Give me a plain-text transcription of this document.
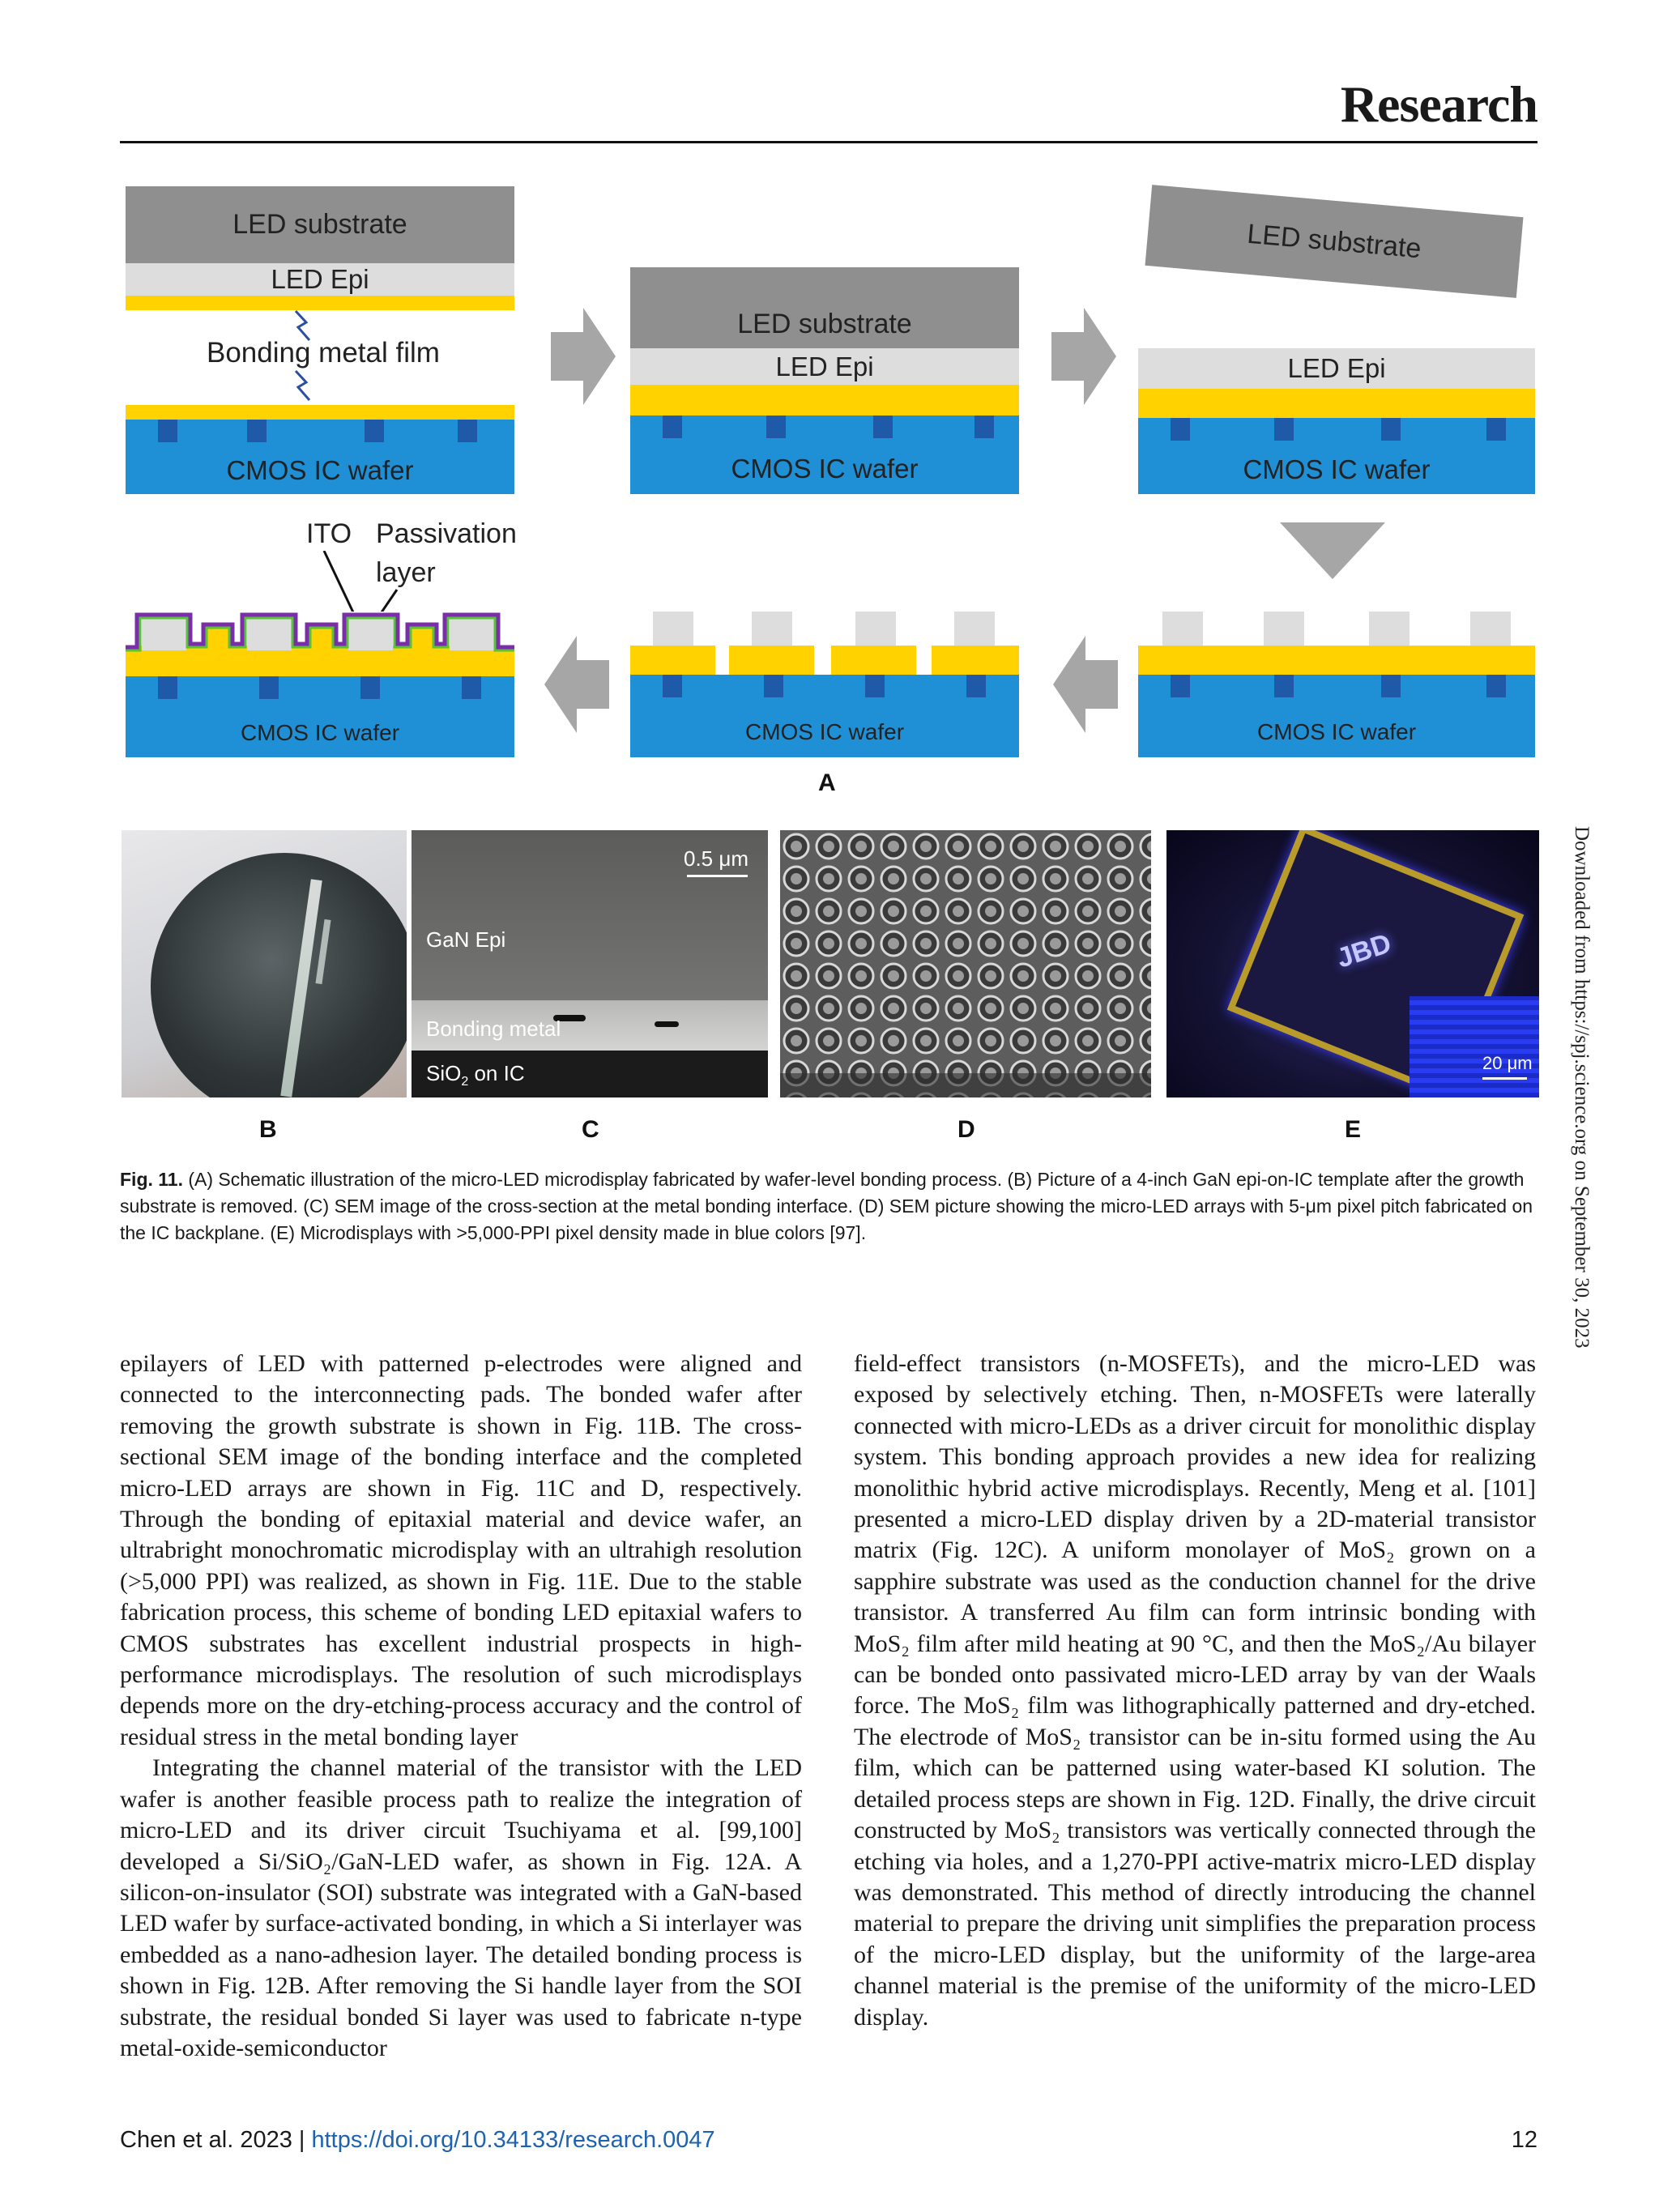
Research
LED substrate
LED Epi
Bonding metal film
CMOS IC wafer
LED substrate
LED Epi
CMOS IC wafer
LED substrate
LED Epi
CMOS IC wafer
CMOS IC wafer
CMOS IC wafer
ITO Passivation
layer
CMOS IC wafer
A
0.5 μm
GaN Epi
Bonding metal
SiO$_2$ on IC
JBD
20 μm
B	C	D	E
Fig. 11. (A) Schematic illustration of the micro-LED microdisplay fabricated by wafer-level bonding process. (B) Picture of a 4-inch GaN epi-on-IC template after the growth substrate is removed. (C) SEM image of the cross-section at the metal bonding interface. (D) SEM picture showing the micro-LED arrays with 5-μm pixel pitch fabricated on the IC backplane. (E) Microdisplays with >5,000-PPI pixel density made in blue colors [97].

epilayers of LED with patterned p-electrodes were aligned and connected to the interconnecting pads. The bonded wafer after removing the growth substrate is shown in Fig. 11B. The cross-sectional SEM image of the bonding interface and the completed micro-LED arrays are shown in Fig. 11C and D, respectively. Through the bonding of epitaxial material and device wafer, an ultrabright monochromatic microdisplay with an ultrahigh resolution (>5,000 PPI) was realized, as shown in Fig. 11E. Due to the stable fabrication process, this scheme of bonding LED epitaxial wafers to CMOS substrates has excellent industrial prospects in high-performance microdisplays. The resolution of such microdisplays depends more on the dry-etching-process accuracy and the control of residual stress in the metal bonding layer

Integrating the channel material of the transistor with the LED wafer is another feasible process path to realize the integration of micro-LED and its driver circuit Tsuchiyama et al. [99,100] developed a Si/SiO₂/GaN-LED wafer, as shown in Fig. 12A. A silicon-on-insulator (SOI) substrate was integrated with a GaN-based LED wafer by surface-activated bonding, in which a Si interlayer was embedded as a nano-adhesion layer. The detailed bonding process is shown in Fig. 12B. After removing the Si handle layer from the SOI substrate, the residual bonded Si layer was used to fabricate n-type metal-oxide-semiconductor

field-effect transistors (n-MOSFETs), and the micro-LED was exposed by selectively etching. Then, n-MOSFETs were laterally connected with micro-LEDs as a driver circuit for monolithic display system. This bonding approach provides a new idea for realizing monolithic hybrid active microdisplays. Recently, Meng et al. [101] presented a micro-LED display driven by a 2D-material transistor matrix (Fig. 12C). A uniform monolayer of MoS₂ grown on a sapphire substrate was used as the conduction channel for the drive transistor. A transferred Au film can form intrinsic bonding with MoS₂ film after mild heating at 90 °C, and then the MoS₂/Au bilayer can be bonded onto passivated micro-LED array by van der Waals force. The MoS₂ film was lithographically patterned and dry-etched. The electrode of MoS₂ transistor can be in-situ formed using the Au film, which can be patterned using water-based KI solution. The detailed process steps are shown in Fig. 12D. Finally, the drive circuit constructed by MoS₂ transistors was vertically connected through the etching via holes, and a 1,270-PPI active-matrix micro-LED display was demonstrated. This method of directly introducing the channel material to prepare the driving unit simplifies the preparation process of the micro-LED display, but the uniformity of the large-area channel material is the premise of the uniformity of the micro-LED display.

Downloaded from https://spj.science.org on September 30, 2023
Chen et al. 2023 | https://doi.org/10.34133/research.0047	12
